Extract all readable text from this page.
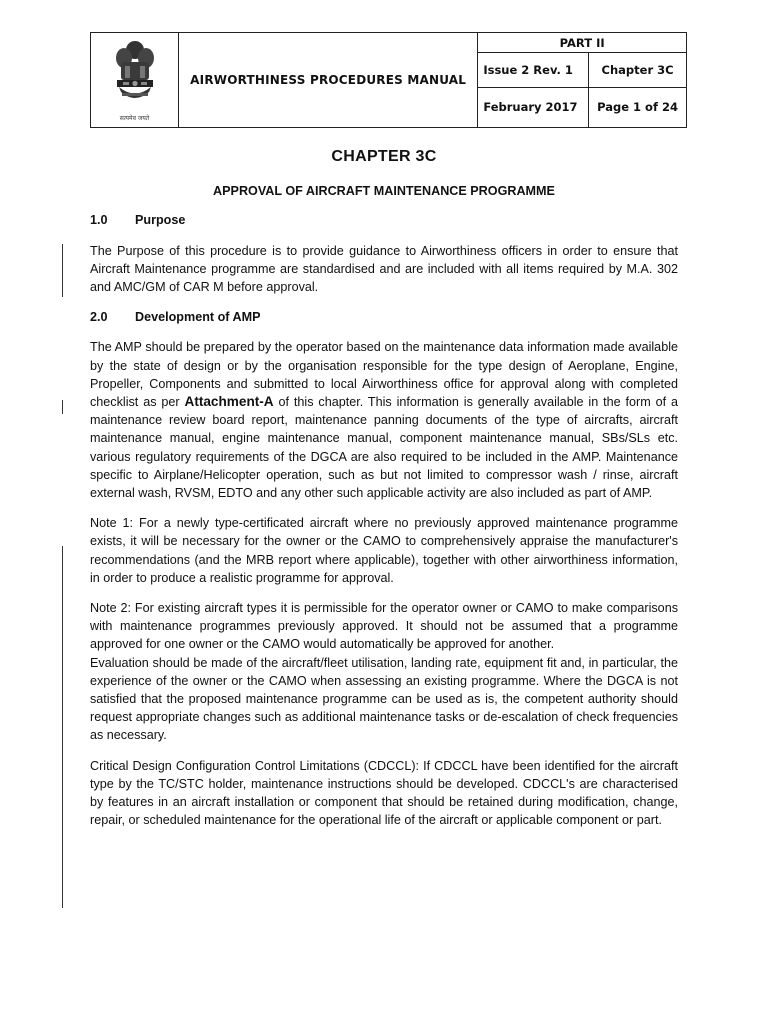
सत्यमेव जयते	AIRWORTHINESS PROCEDURES MANUAL	PART II	
		Issue 2 Rev. 1	Chapter 3C
		February 2017	Page 1 of 24
CHAPTER 3C
APPROVAL OF AIRCRAFT MAINTENANCE PROGRAMME
1.0 Purpose

The Purpose of this procedure is to provide guidance to Airworthiness officers in order to ensure that Aircraft Maintenance programme are standardised and are included with all items required by M.A. 302 and AMC/GM of CAR M before approval.

2.0 Development of AMP

The AMP should be prepared by the operator based on the maintenance data information made available by the state of design or by the organisation responsible for the type design of Aeroplane, Engine, Propeller, Components and submitted to local Airworthiness office for approval along with completed checklist as per Attachment-A of this chapter. This information is generally available in the form of a maintenance review board report, maintenance panning documents of the type of aircrafts, aircraft maintenance manual, engine maintenance manual, component maintenance manual, SBs/SLs etc. various regulatory requirements of the DGCA are also required to be included in the AMP. Maintenance specific to Airplane/Helicopter operation, such as but not limited to compressor wash / rinse, aircraft external wash, RVSM, EDTO and any other such applicable activity are also included as part of AMP.

Note 1: For a newly type-certificated aircraft where no previously approved maintenance programme exists, it will be necessary for the owner or the CAMO to comprehensively appraise the manufacturer's recommendations (and the MRB report where applicable), together with other airworthiness information, in order to produce a realistic programme for approval.

Note 2: For existing aircraft types it is permissible for the operator owner or CAMO to make comparisons with maintenance programmes previously approved. It should not be assumed that a programme approved for one owner or the CAMO would automatically be approved for another.

Evaluation should be made of the aircraft/fleet utilisation, landing rate, equipment fit and, in particular, the experience of the owner or the CAMO when assessing an existing programme. Where the DGCA is not satisfied that the proposed maintenance programme can be used as is, the competent authority should request appropriate changes such as additional maintenance tasks or de-escalation of check frequencies as necessary.

Critical Design Configuration Control Limitations (CDCCL): If CDCCL have been identified for the aircraft type by the TC/STC holder, maintenance instructions should be developed. CDCCL's are characterised by features in an aircraft installation or component that should be retained during modification, change, repair, or scheduled maintenance for the operational life of the aircraft or applicable component or part.
